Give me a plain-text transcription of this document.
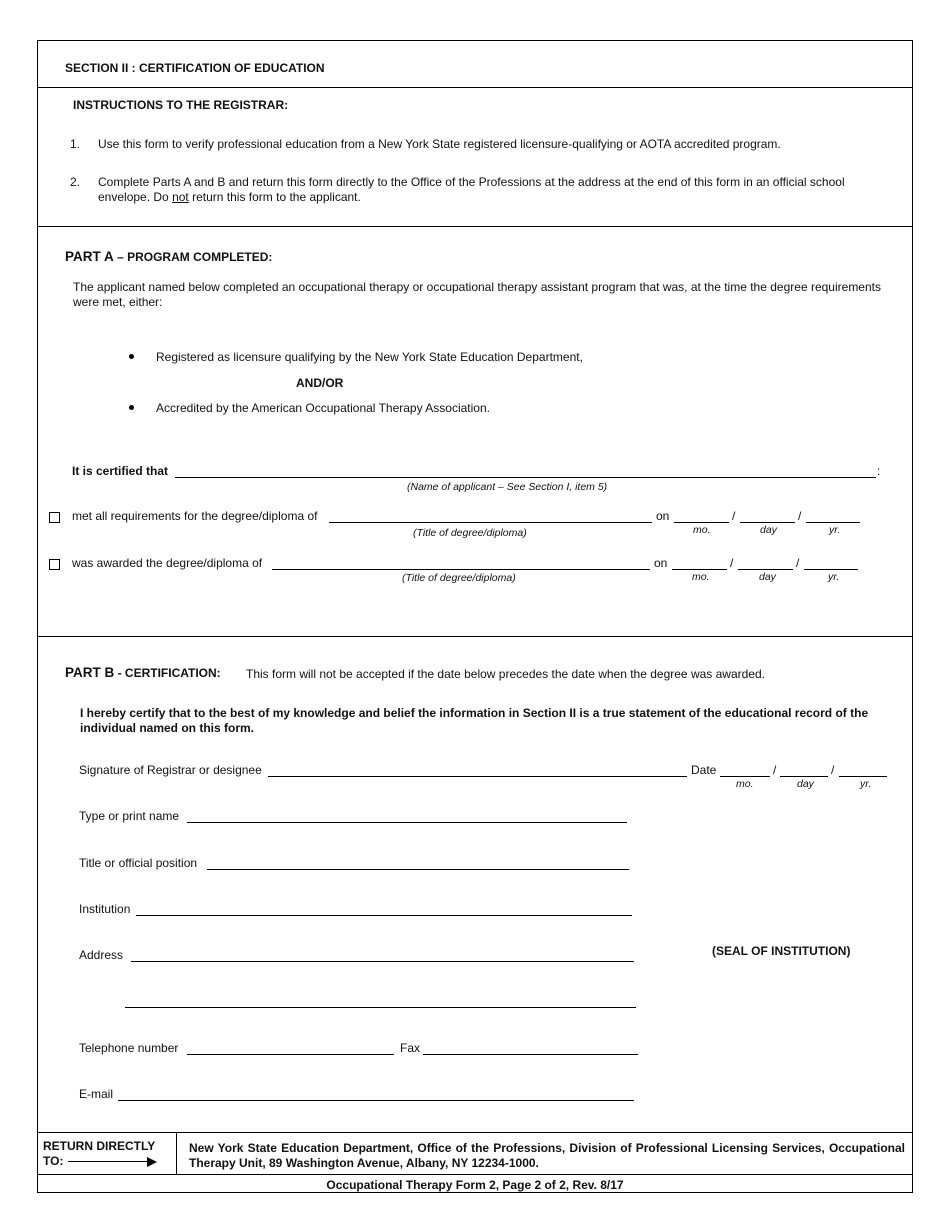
SECTION II : CERTIFICATION OF EDUCATION
INSTRUCTIONS TO THE REGISTRAR:
1. Use this form to verify professional education from a New York State registered licensure-qualifying or AOTA accredited program.
2. Complete Parts A and B and return this form directly to the Office of the Professions at the address at the end of this form in an official school envelope. Do not return this form to the applicant.
PART A – PROGRAM COMPLETED:
The applicant named below completed an occupational therapy or occupational therapy assistant program that was, at the time the degree requirements were met, either:
Registered as licensure qualifying by the New York State Education Department,
AND/OR
Accredited by the American Occupational Therapy Association.
It is certified that	:
(Name of applicant – See Section I, item 5)
met all requirements for the degree/diploma of	on	/	/
(Title of degree/diploma)	mo.	day	yr.
was awarded the degree/diploma of	on	/	/
(Title of degree/diploma)	mo.	day	yr.
PART B - CERTIFICATION: This form will not be accepted if the date below precedes the date when the degree was awarded.
I hereby certify that to the best of my knowledge and belief the information in Section II is a true statement of the educational record of the individual named on this form.
Signature of Registrar or designee	Date	/	/
mo.	day	yr.
Type or print name
Title or official position
Institution
Address	(SEAL OF INSTITUTION)
Telephone number	Fax
E-mail
RETURN DIRECTLY TO:
New York State Education Department, Office of the Professions, Division of Professional Licensing Services, Occupational Therapy Unit, 89 Washington Avenue, Albany, NY 12234-1000.
Occupational Therapy Form 2, Page 2 of 2, Rev. 8/17
